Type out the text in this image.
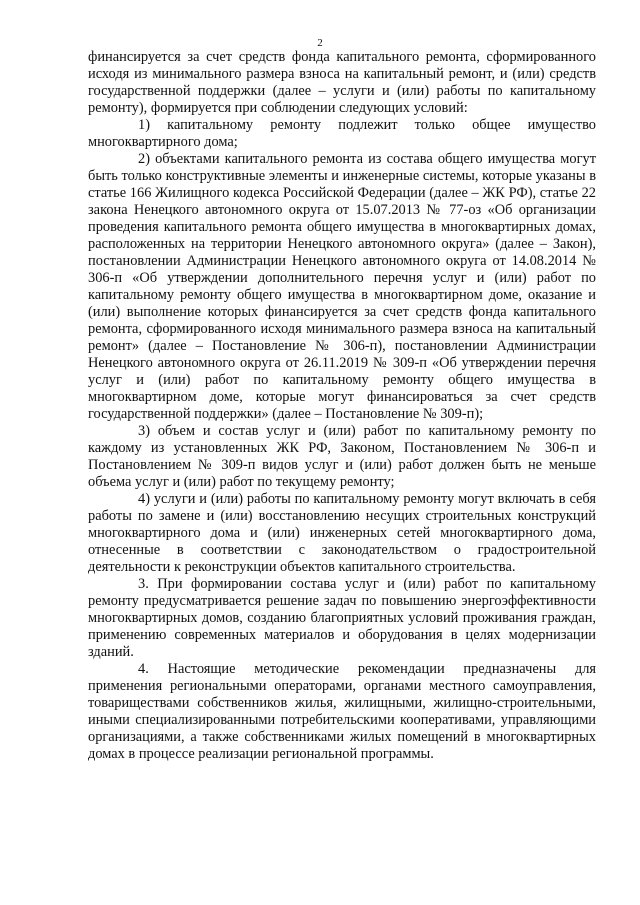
2

финансируется за счет средств фонда капитального ремонта, сформированного исходя из минимального размера взноса на капитальный ремонт, и (или) средств государственной поддержки (далее – услуги и (или) работы по капитальному ремонту), формируется при соблюдении следующих условий:

1) капитальному ремонту подлежит только общее имущество многоквартирного дома;

2) объектами капитального ремонта из состава общего имущества могут быть только конструктивные элементы и инженерные системы, которые указаны в статье 166 Жилищного кодекса Российской Федерации (далее – ЖК РФ), статье 22 закона Ненецкого автономного округа от 15.07.2013 № 77-оз «Об организации проведения капитального ремонта общего имущества в многоквартирных домах, расположенных на территории Ненецкого автономного округа» (далее – Закон), постановлении Администрации Ненецкого автономного округа от 14.08.2014 № 306-п «Об утверждении дополнительного перечня услуг и (или) работ по капитальному ремонту общего имущества в многоквартирном доме, оказание и (или) выполнение которых финансируется за счет средств фонда капитального ремонта, сформированного исходя минимального размера взноса на капитальный ремонт» (далее – Постановление № 306-п), постановлении Администрации Ненецкого автономного округа от 26.11.2019 № 309-п «Об утверждении перечня услуг и (или) работ по капитальному ремонту общего имущества в многоквартирном доме, которые могут финансироваться за счет средств государственной поддержки» (далее – Постановление № 309-п);

3) объем и состав услуг и (или) работ по капитальному ремонту по каждому из установленных ЖК РФ, Законом, Постановлением № 306-п и Постановлением № 309-п видов услуг и (или) работ должен быть не меньше объема услуг и (или) работ по текущему ремонту;

4) услуги и (или) работы по капитальному ремонту могут включать в себя работы по замене и (или) восстановлению несущих строительных конструкций многоквартирного дома и (или) инженерных сетей многоквартирного дома, отнесенные в соответствии с законодательством о градостроительной деятельности к реконструкции объектов капитального строительства.

3. При формировании состава услуг и (или) работ по капитальному ремонту предусматривается решение задач по повышению энергоэффективности многоквартирных домов, созданию благоприятных условий проживания граждан, применению современных материалов и оборудования в целях модернизации зданий.

4. Настоящие методические рекомендации предназначены для применения региональными операторами, органами местного самоуправления, товариществами собственников жилья, жилищными, жилищно-строительными, иными специализированными потребительскими кооперативами, управляющими организациями, а также собственниками жилых помещений в многоквартирных домах в процессе реализации региональной программы.
